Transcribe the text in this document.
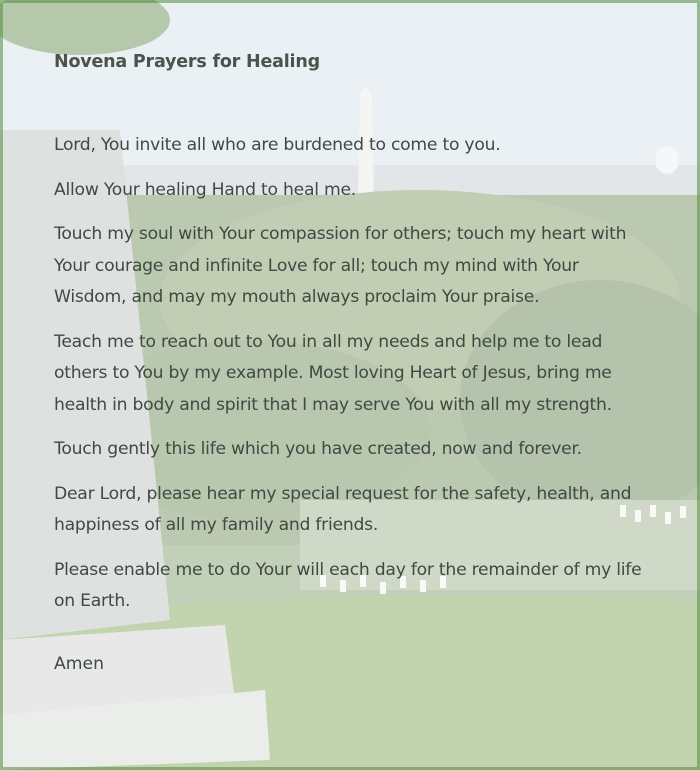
Novena Prayers for Healing

Lord, You invite all who are burdened to come to you.

Allow Your healing Hand to heal me.

Touch my soul with Your compassion for others; touch my heart with Your courage and infinite Love for all; touch my mind with Your Wisdom, and may my mouth always proclaim Your praise.

Teach me to reach out to You in all my needs and help me to lead others to You by my example. Most loving Heart of Jesus, bring me health in body and spirit that I may serve You with all my strength.

Touch gently this life which you have created, now and forever.

Dear Lord, please hear my special request for the safety, health, and happiness of all my family and friends.

Please enable me to do Your will each day for the remainder of my life on Earth.

Amen
